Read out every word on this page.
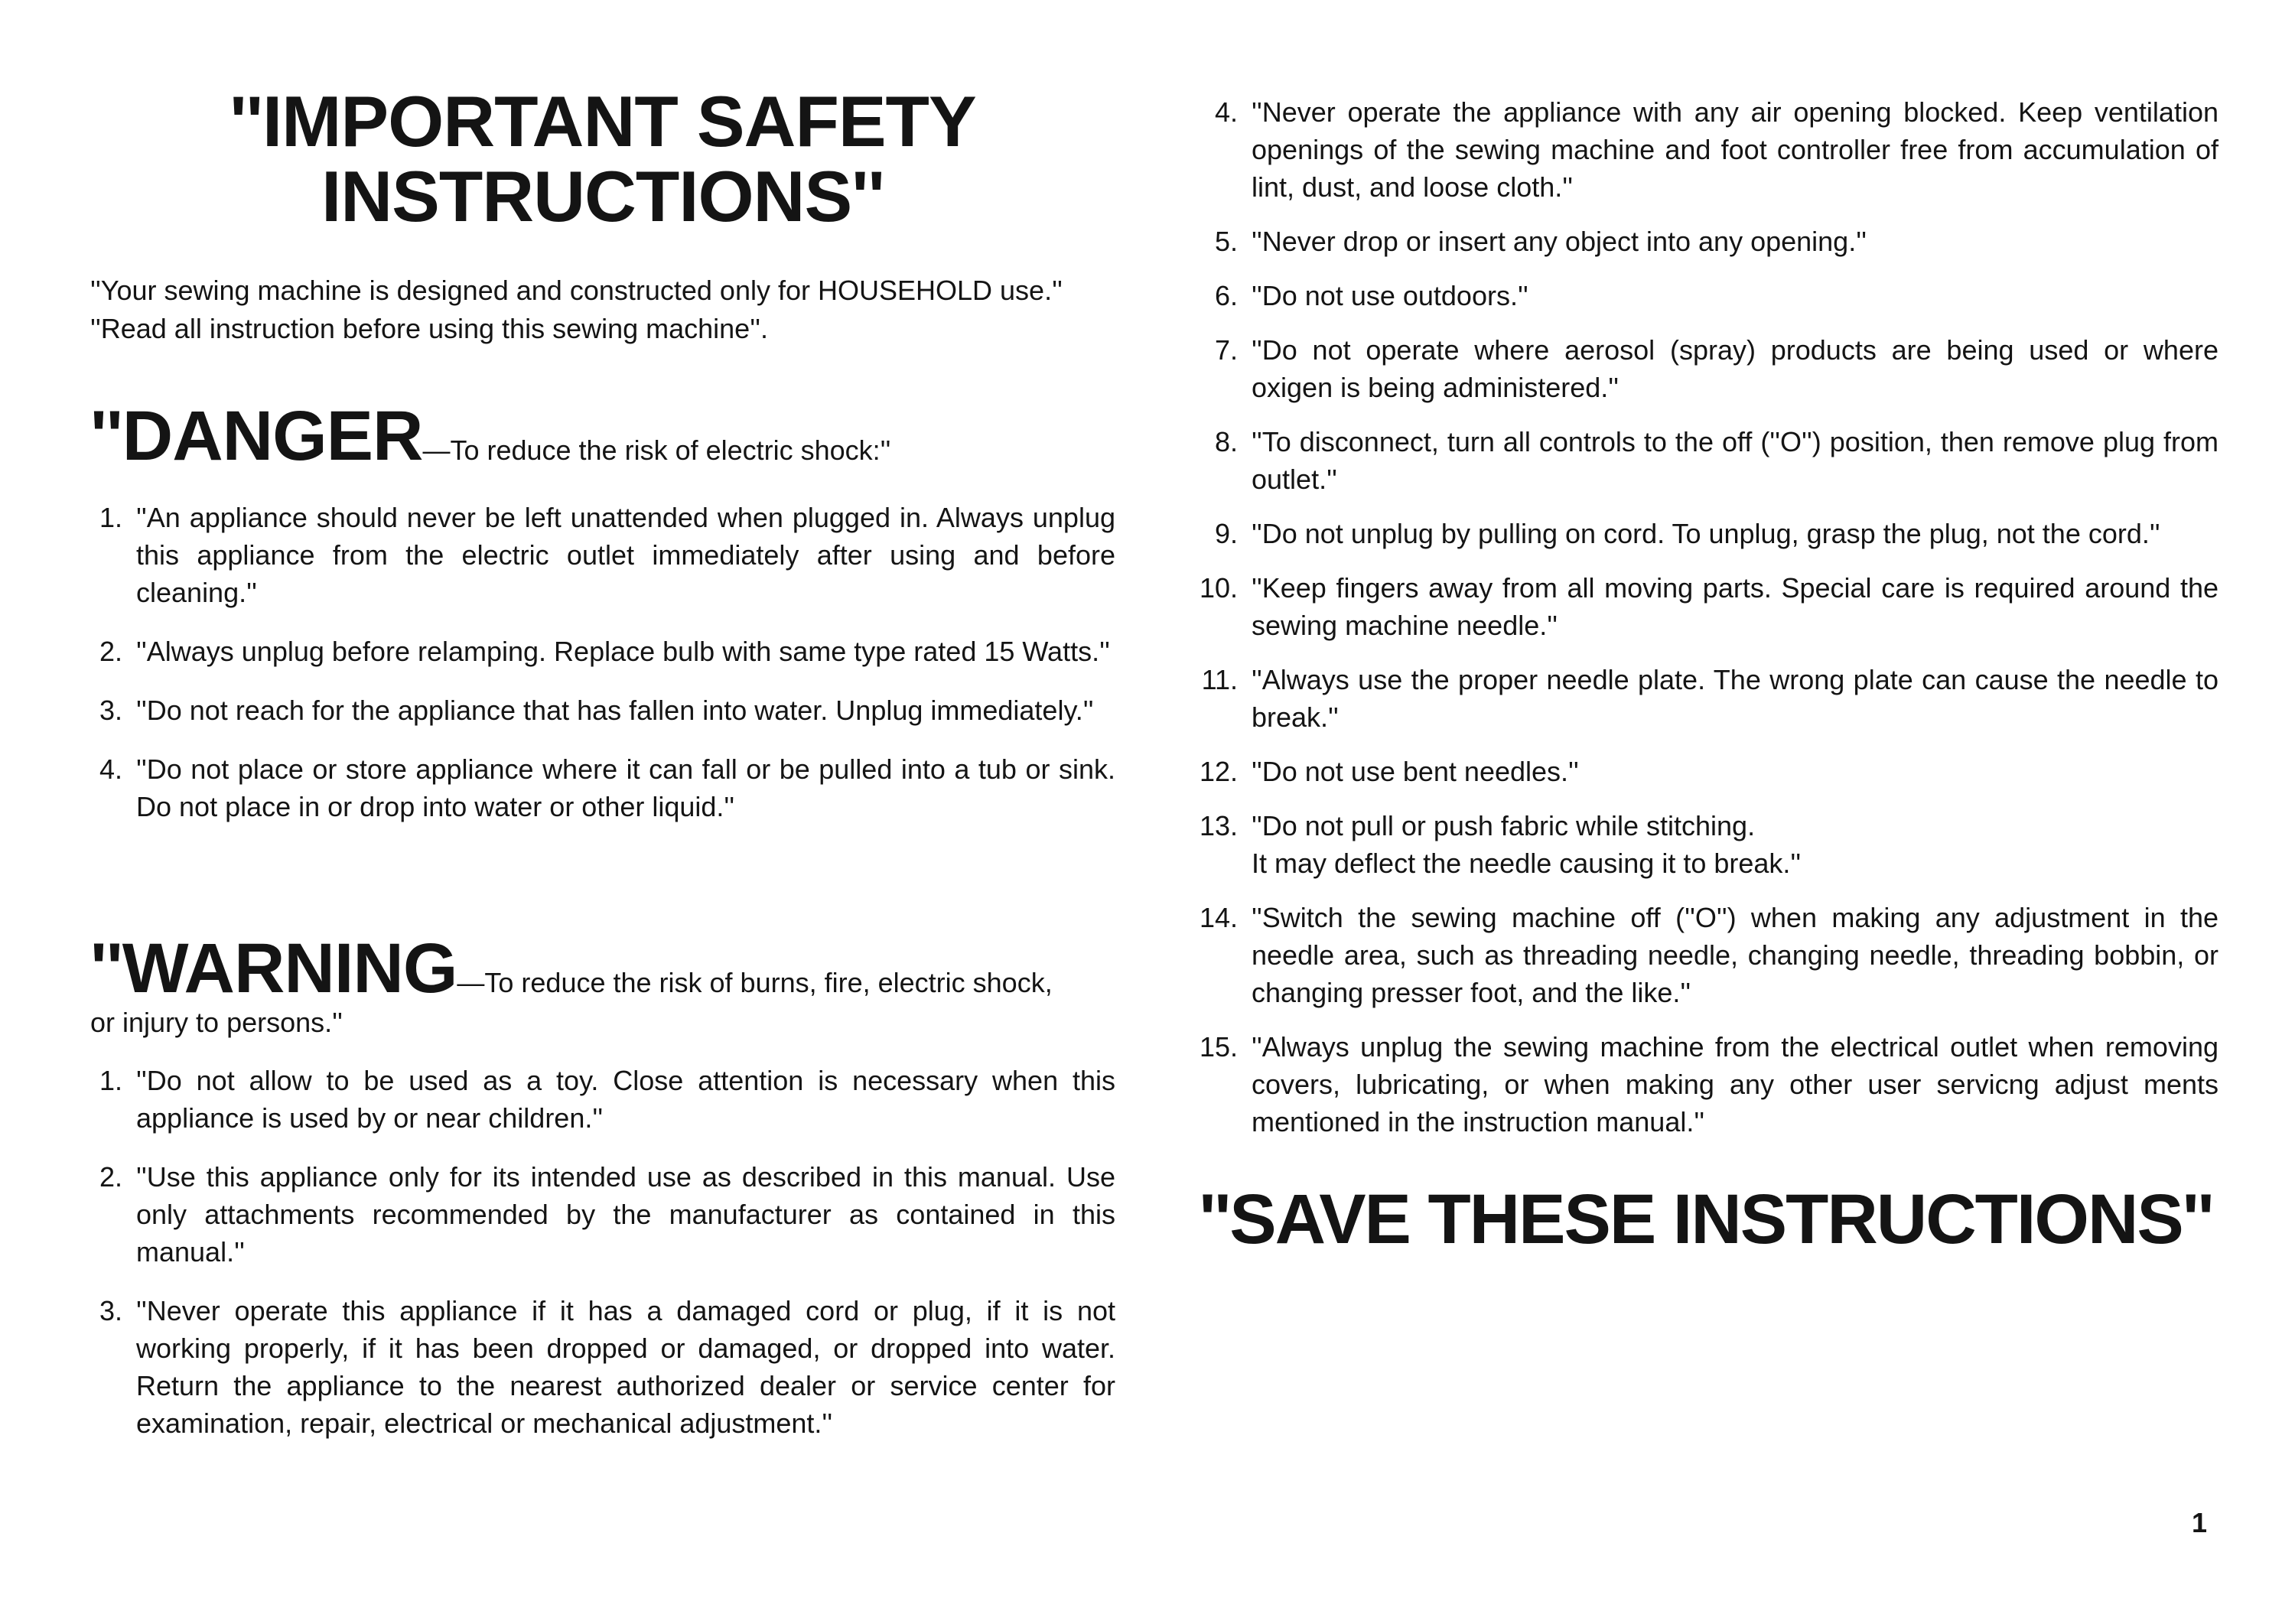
''IMPORTANT SAFETY
INSTRUCTIONS''
''Your sewing machine is designed and constructed only for HOUSEHOLD use.''
''Read all instruction before using this sewing machine''.
''DANGER—To reduce the risk of electric shock:''
1. ''An appliance should never be left unattended when plugged in. Always unplug this appliance from the electric outlet immediately after using and before cleaning.''
2. ''Always unplug before relamping. Replace bulb with same type rated 15 Watts.''
3. ''Do not reach for the appliance that has fallen into water. Unplug immediately.''
4. ''Do not place or store appliance where it can fall or be pulled into a tub or sink. Do not place in or drop into water or other liquid.''
''WARNING—To reduce the risk of burns, fire, electric shock,
or injury to persons.''
1. ''Do not allow to be used as a toy. Close attention is necessary when this appliance is used by or near children.''
2. ''Use this appliance only for its intended use as described in this manual. Use only attachments recommended by the manufacturer as contained in this manual.''
3. ''Never operate this appliance if it has a damaged cord or plug, if it is not working properly, if it has been dropped or damaged, or dropped into water. Return the appliance to the nearest authorized dealer or service center for examination, repair, electrical or mechanical adjustment.''
4. ''Never operate the appliance with any air opening blocked. Keep ventilation openings of the sewing machine and foot controller free from accumulation of lint, dust, and loose cloth.''
5. ''Never drop or insert any object into any opening.''
6. ''Do not use outdoors.''
7. ''Do not operate where aerosol (spray) products are being used or where oxigen is being administered.''
8. ''To disconnect, turn all controls to the off (''O'') position, then remove plug from outlet.''
9. ''Do not unplug by pulling on cord. To unplug, grasp the plug, not the cord.''
10. ''Keep fingers away from all moving parts. Special care is required around the sewing machine needle.''
11. ''Always use the proper needle plate. The wrong plate can cause the needle to break.''
12. ''Do not use bent needles.''
13. ''Do not pull or push fabric while stitching.
It may deflect the needle causing it to break.''
14. ''Switch the sewing machine off (''O'') when making any adjustment in the needle area, such as threading needle, changing needle, threading bobbin, or changing presser foot, and the like.''
15. ''Always unplug the sewing machine from the electrical outlet when removing covers, lubricating, or when making any other user servicng adjust ments mentioned in the instruction manual.''
''SAVE THESE INSTRUCTIONS''
1
